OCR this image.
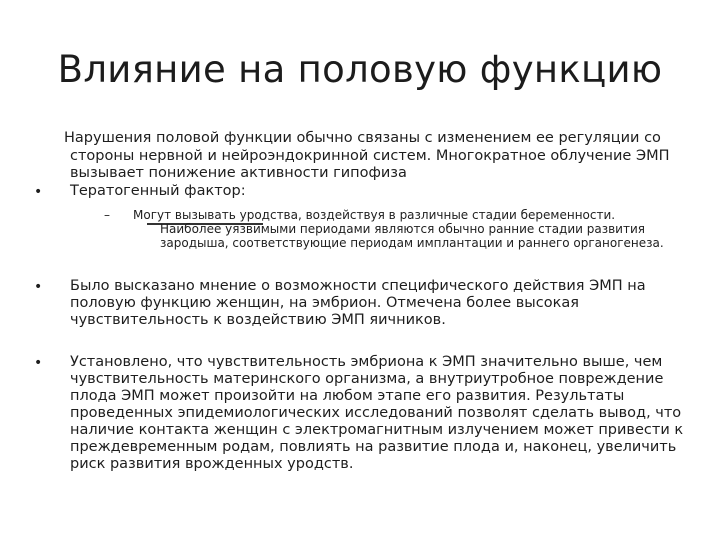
Влияние на половую функцию
Нарушения половой функции обычно связаны с изменением ее регуляции со
стороны нервной и нейроэндокринной систем. Многократное облучение ЭМП
вызывает понижение активности гипофиза
• Тератогенный фактор:
– Могут вызывать уродства, воздействуя в различные стадии беременности.
Наиболее уязвимыми периодами являются обычно ранние стадии развития
зародыша, соответствующие периодам имплантации и раннего органогенеза.
• Было высказано мнение о возможности специфического действия ЭМП на
половую функцию женщин, на эмбрион. Отмечена более высокая
чувствительность к воздействию ЭМП яичников.
• Установлено, что чувствительность эмбриона к ЭМП значительно выше, чем
чувствительность материнского организма, а внутриутробное повреждение
плода ЭМП может произойти на любом этапе его развития. Результаты
проведенных эпидемиологических исследований позволят сделать вывод, что
наличие контакта женщин с электромагнитным излучением может привести к
преждевременным родам, повлиять на развитие плода и, наконец, увеличить
риск развития врожденных уродств.
